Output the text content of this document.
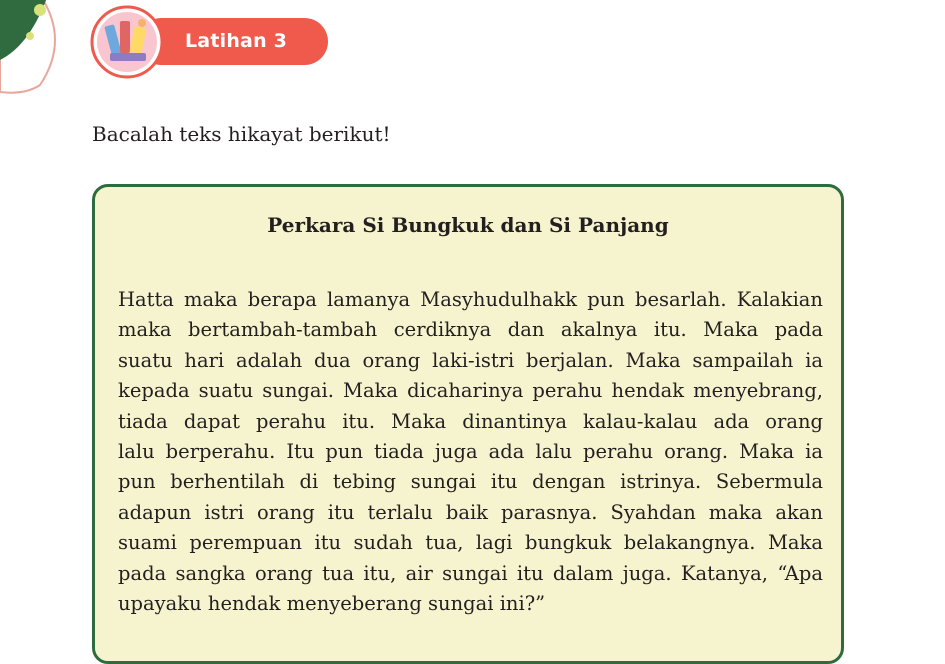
Latihan 3
Bacalah teks hikayat berikut!
Perkara Si Bungkuk dan Si Panjang
Hatta maka berapa lamanya Masyhudulhakk pun besarlah. Kalakian
maka bertambah-tambah cerdiknya dan akalnya itu. Maka pada
suatu hari adalah dua orang laki-istri berjalan. Maka sampailah ia
kepada suatu sungai. Maka dicaharinya perahu hendak menyebrang,
tiada dapat perahu itu. Maka dinantinya kalau-kalau ada orang
lalu berperahu. Itu pun tiada juga ada lalu perahu orang. Maka ia
pun berhentilah di tebing sungai itu dengan istrinya. Sebermula
adapun istri orang itu terlalu baik parasnya. Syahdan maka akan
suami perempuan itu sudah tua, lagi bungkuk belakangnya. Maka
pada sangka orang tua itu, air sungai itu dalam juga. Katanya, “Apa
upayaku hendak menyeberang sungai ini?”
